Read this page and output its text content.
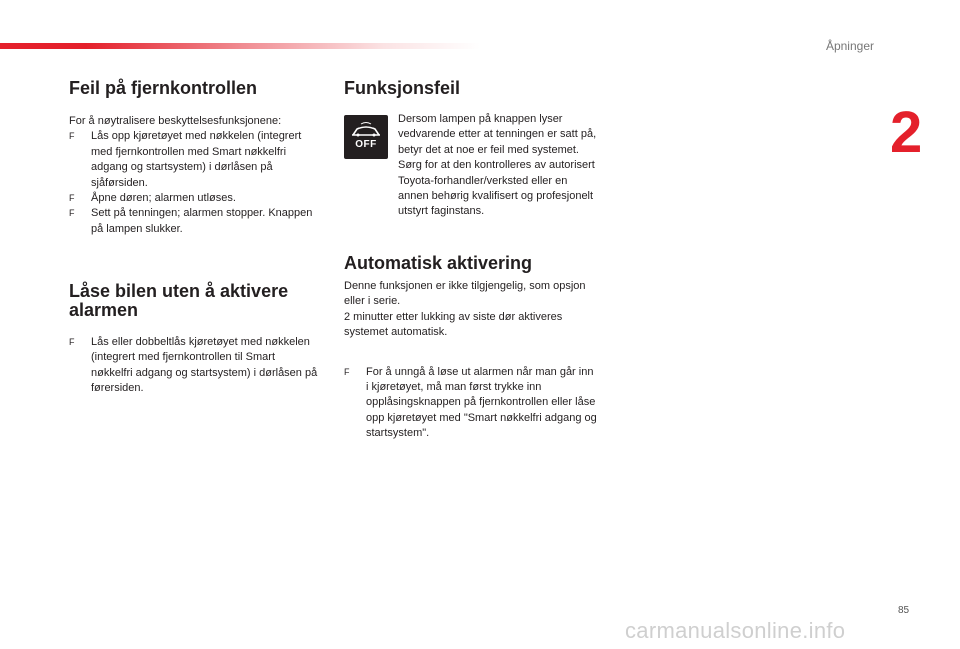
Åpninger
2
Feil på fjernkontrollen

For å nøytralisere beskyttelsesfunksjonene:

F Lås opp kjøretøyet med nøkkelen (integrert med fjernkontrollen med Smart nøkkelfri adgang og startsystem) i dørlåsen på sjåførsiden.
F Åpne døren; alarmen utløses.
F Sett på tenningen; alarmen stopper. Knappen på lampen slukker.
Låse bilen uten å aktivere
alarmen
F Lås eller dobbeltlås kjøretøyet med nøkkelen (integrert med fjernkontrollen til Smart nøkkelfri adgang og startsystem) i dørlåsen på førersiden.
Funksjonsfeil
OFF

Dersom lampen på knappen lyser vedvarende etter at tenningen er satt på, betyr det at noe er feil med systemet.

Sørg for at den kontrolleres av autorisert Toyota-forhandler/verksted eller en annen behørig kvalifisert og profesjonelt utstyrt faginstans.

Automatisk aktivering

Denne funksjonen er ikke tilgjengelig, som opsjon eller i serie.

2 minutter etter lukking av siste dør aktiveres systemet automatisk.

F For å unngå å løse ut alarmen når man går inn i kjøretøyet, må man først trykke inn opplåsingsknappen på fjernkontrollen eller låse opp kjøretøyet med "Smart nøkkelfri adgang og startsystem".
85
carmanualsonline.info
